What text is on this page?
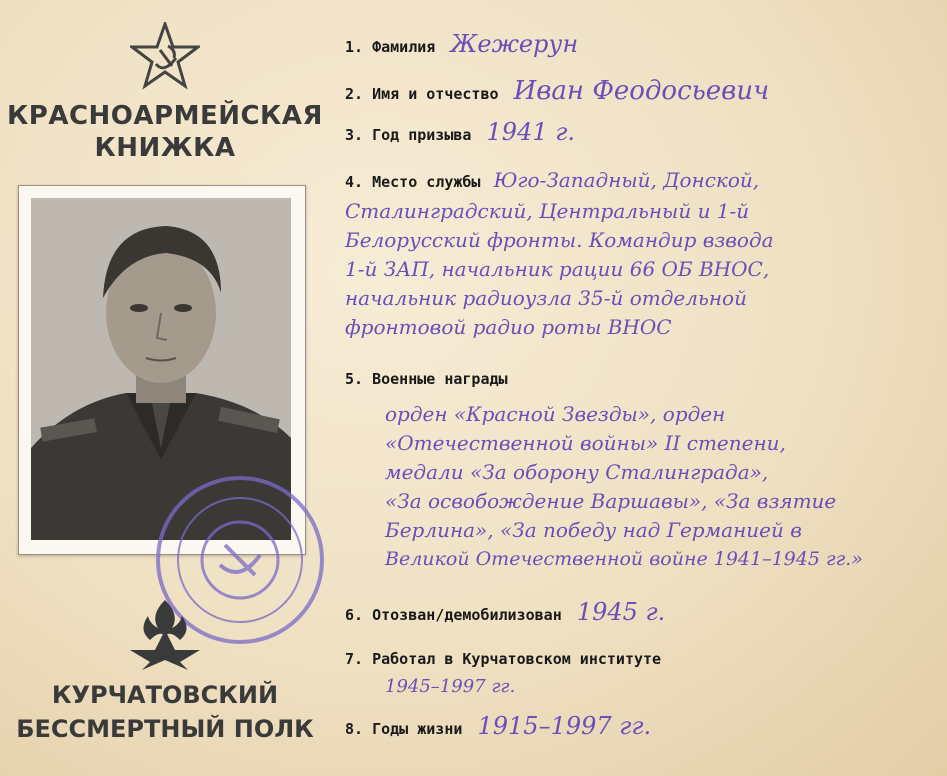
КРАСНОАРМЕЙСКАЯ
КНИЖКА
КУРЧАТОВСКИЙ
БЕССМЕРТНЫЙ ПОЛК
1. Фамилия Жежерун
2. Имя и отчество Иван Феодосьевич
3. Год призыва 1941 г.
4. Место службы Юго-Западный, Донской,
Сталинградский, Центральный и 1-й
Белорусский фронты. Командир взвода
1-й ЗАП, начальник рации 66 ОБ ВНОС,
начальник радиоузла 35-й отдельной
фронтовой радио роты ВНОС
5. Военные награды
орден «Красной Звезды», орден
«Отечественной войны» II степени,
медали «За оборону Сталинграда»,
«За освобождение Варшавы», «За взятие
Берлина», «За победу над Германией в
Великой Отечественной войне 1941–1945 гг.»
6. Отозван/демобилизован 1945 г.
7. Работал в Курчатовском институте
1945–1997 гг.
8. Годы жизни 1915–1997 гг.
